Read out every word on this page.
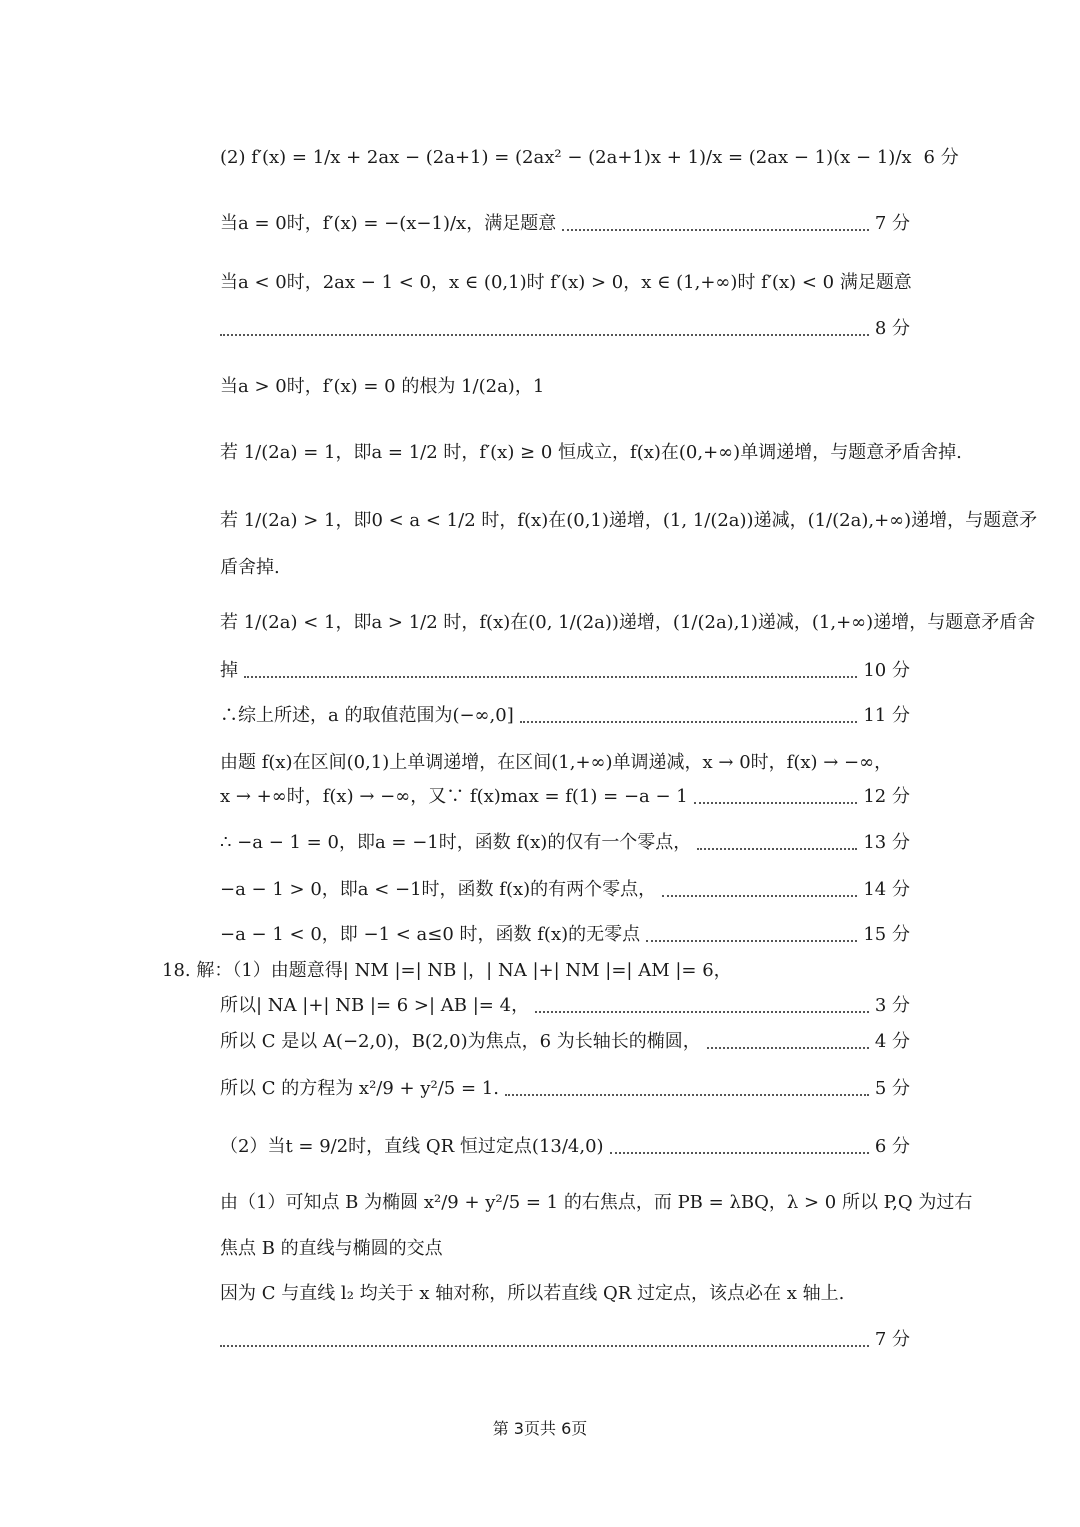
(2) f′(x) = 1/x + 2ax − (2a+1) = (2ax² − (2a+1)x + 1)/x = (2ax − 1)(x − 1)/x 6 分
当a = 0时，f′(x) = −(x−1)/x，满足题意	7 分
当a < 0时，2ax − 1 < 0，x ∈ (0,1)时 f′(x) > 0，x ∈ (1,+∞)时 f′(x) < 0 满足题意
8 分
当a > 0时，f′(x) = 0 的根为 1/(2a)，1
若 1/(2a) = 1，即a = 1/2 时，f′(x) ≥ 0 恒成立，f(x)在(0,+∞)单调递增，与题意矛盾舍掉.
若 1/(2a) > 1，即0 < a < 1/2 时，f(x)在(0,1)递增，(1, 1/(2a))递减，(1/(2a),+∞)递增，与题意矛
盾舍掉.
若 1/(2a) < 1，即a > 1/2 时，f(x)在(0, 1/(2a))递增，(1/(2a),1)递减，(1,+∞)递增，与题意矛盾舍
掉	10 分
∴综上所述，a 的取值范围为(−∞,0]	11 分
由题 f(x)在区间(0,1)上单调递增，在区间(1,+∞)单调递减，x → 0时，f(x) → −∞，
x → +∞时，f(x) → −∞，又∵ f(x)max = f(1) = −a − 1	12 分
∴ −a − 1 = 0，即a = −1时，函数 f(x)的仅有一个零点，	13 分
−a − 1 > 0，即a < −1时，函数 f(x)的有两个零点，	14 分
−a − 1 < 0，即 −1 < a≤0 时，函数 f(x)的无零点	15 分
18. 解：（1）由题意得| NM |=| NB |，| NA |+| NM |=| AM |= 6，
所以| NA |+| NB |= 6 >| AB |= 4，	3 分
所以 C 是以 A(−2,0)，B(2,0)为焦点，6 为长轴长的椭圆，	4 分
所以 C 的方程为 x²/9 + y²/5 = 1.	5 分
（2）当t = 9/2时，直线 QR 恒过定点(13/4,0)	6 分
由（1）可知点 B 为椭圆 x²/9 + y²/5 = 1 的右焦点，而 PB = λBQ，λ > 0 所以 P,Q 为过右
焦点 B 的直线与椭圆的交点
因为 C 与直线 l₂ 均关于 x 轴对称，所以若直线 QR 过定点，该点必在 x 轴上.
7 分
第 3页共 6页
